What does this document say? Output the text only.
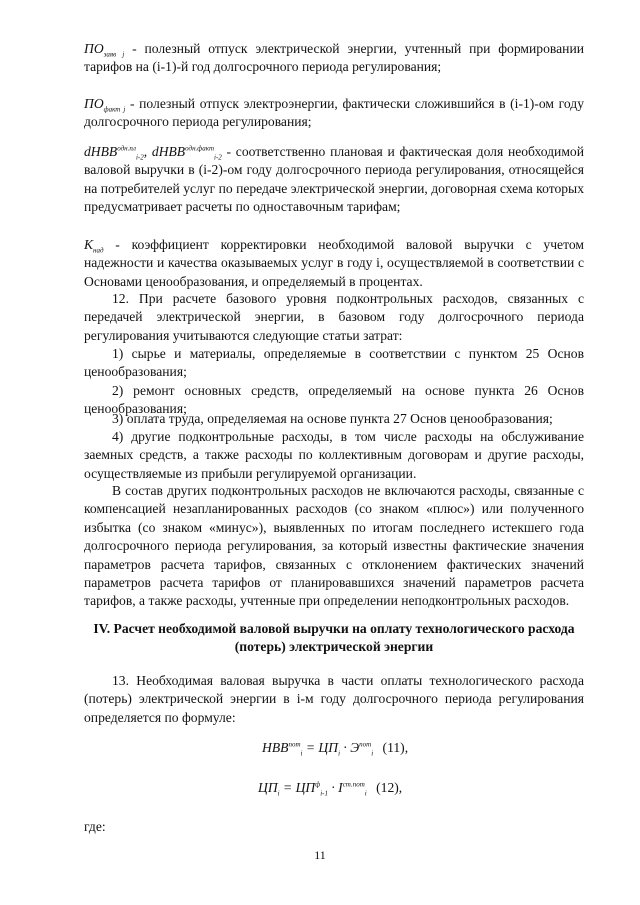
$ПО_{заяв j}$ - полезный отпуск электрической энергии, учтенный при формировании тарифов на (i-1)-й год долгосрочного периода регулирования;

$ПО_{факт j}$ - полезный отпуск электроэнергии, фактически сложившийся в (i-1)-ом году долгосрочного периода регулирования;

dНВВ$^{одн.пл}_{i-2}$, dНВВ$^{одн.факт}_{i-2}$ - соответственно плановая и фактическая доля необходимой валовой выручки в (i-2)-ом году долгосрочного периода регулирования, относящейся на потребителей услуг по передаче электрической энергии, договорная схема которых предусматривает расчеты по одноставочным тарифам;

$К_{над}$ - коэффициент корректировки необходимой валовой выручки с учетом надежности и качества оказываемых услуг в году i, осуществляемой в соответствии с Основами ценообразования, и определяемый в процентах.

12. При расчете базового уровня подконтрольных расходов, связанных с передачей электрической энергии, в базовом году долгосрочного периода регулирования учитываются следующие статьи затрат:

1) сырье и материалы, определяемые в соответствии с пунктом 25 Основ ценообразования;

2) ремонт основных средств, определяемый на основе пункта 26 Основ ценообразования;

3) оплата труда, определяемая на основе пункта 27 Основ ценообразования;

4) другие подконтрольные расходы, в том числе расходы на обслуживание заемных средств, а также расходы по коллективным договорам и другие расходы, осуществляемые из прибыли регулируемой организации.

В состав других подконтрольных расходов не включаются расходы, связанные с компенсацией незапланированных расходов (со знаком «плюс») или полученного избытка (со знаком «минус»), выявленных по итогам последнего истекшего года долгосрочного периода регулирования, за который известны фактические значения параметров расчета тарифов, связанных с отклонением фактических значений параметров расчета тарифов от планировавшихся значений параметров расчета тарифов, а также расходы, учтенные при определении неподконтрольных расходов.

IV. Расчет необходимой валовой выручки на оплату технологического расхода (потерь) электрической энергии

13. Необходимая валовая выручка в части оплаты технологического расхода (потерь) электрической энергии в i-м году долгосрочного периода регулирования определяется по формуле:

$НВВ^{пот}_i = ЦП_i \cdot Э^{пот}_i$ (11),
$ЦП_i = ЦП^ф_{i-1} \cdot I^{ст.пот}_i$ (12),

где:

11
